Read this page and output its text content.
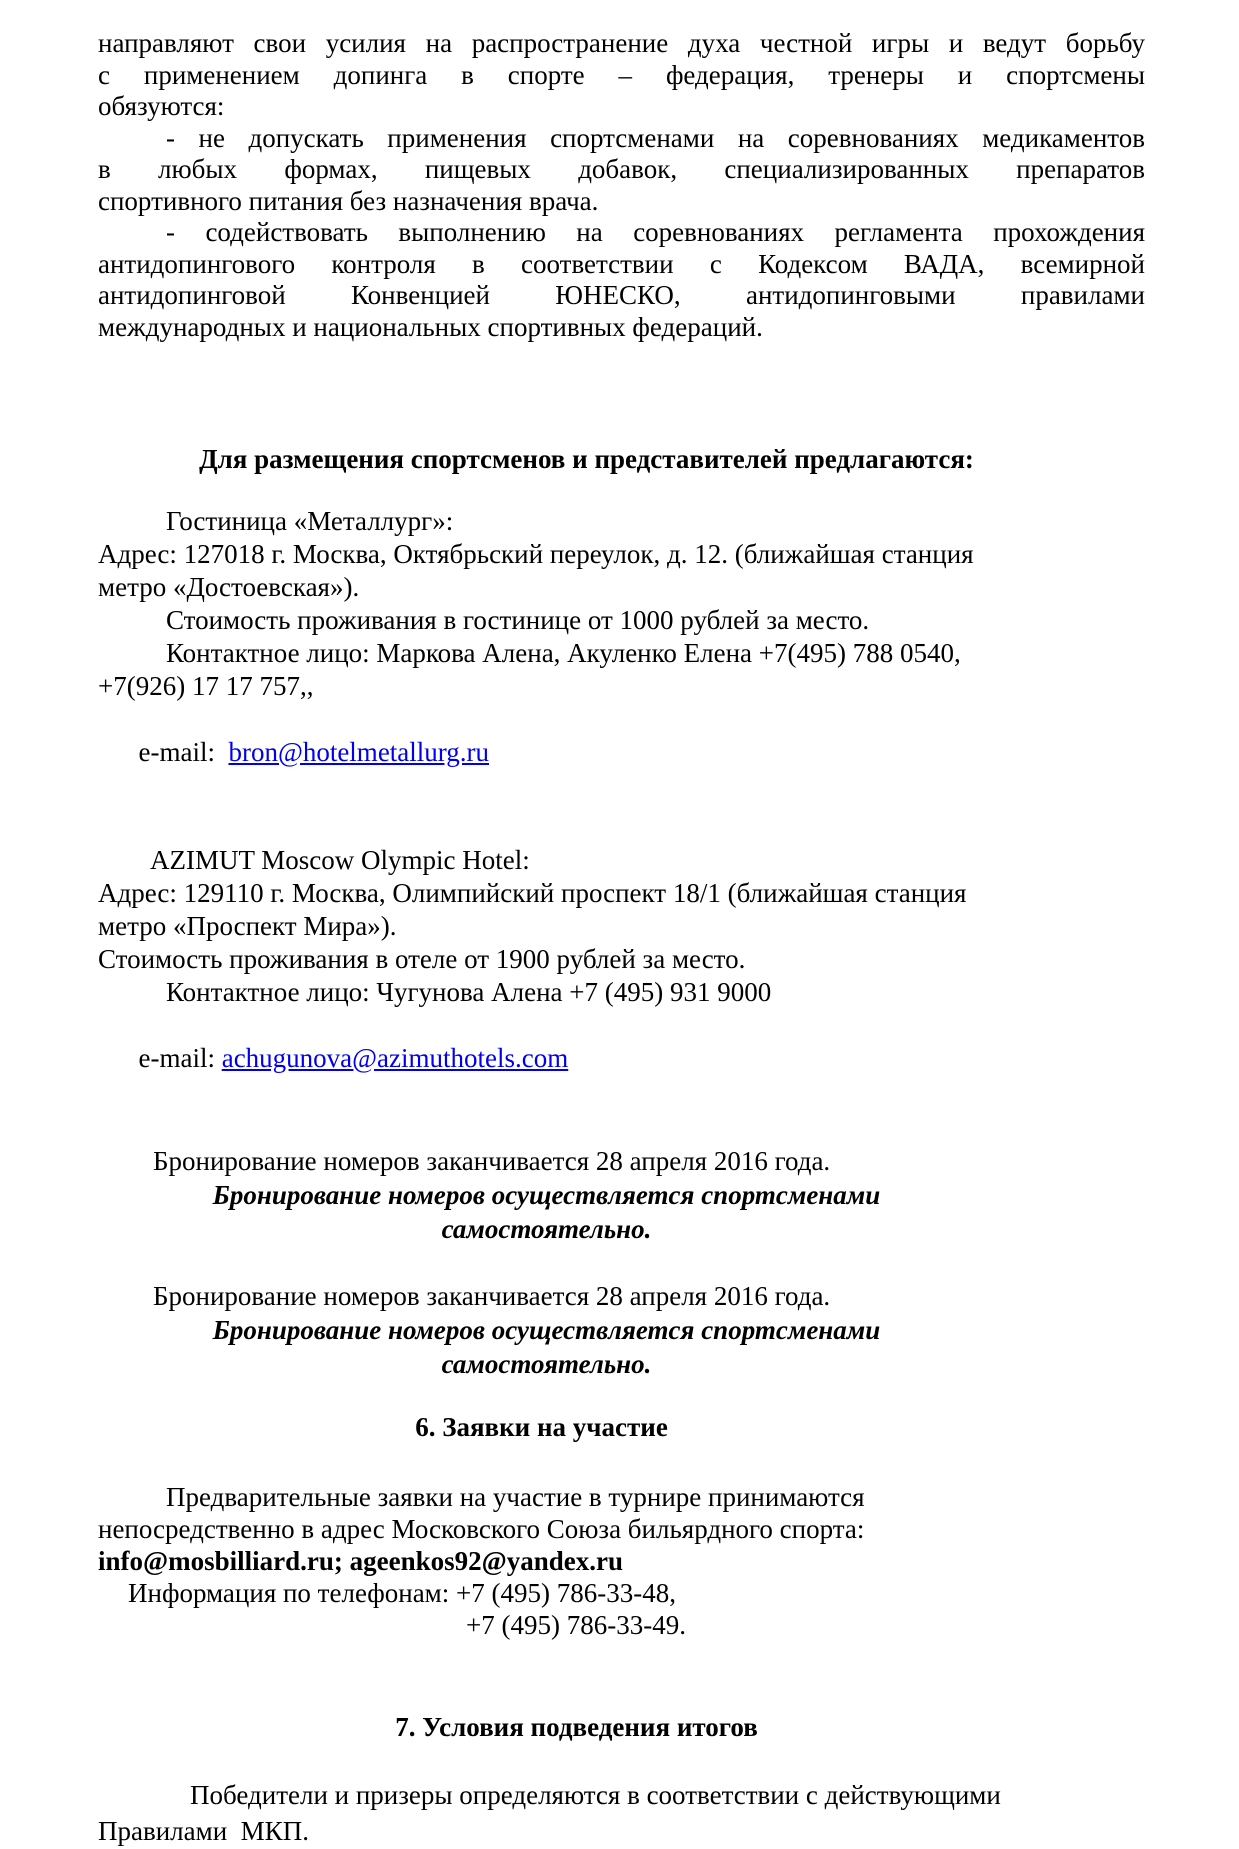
направляют свои усилия на распространение духа честной игры и ведут борьбу
с применением допинга в спорте – федерация, тренеры и спортсмены
обязуются:
- не допускать применения спортсменами на соревнованиях медикаментов
в любых формах, пищевых добавок, специализированных препаратов
спортивного питания без назначения врача.
- содействовать выполнению на соревнованиях регламента прохождения
антидопингового контроля в соответствии с Кодексом ВАДА, всемирной
антидопинговой Конвенцией ЮНЕСКО, антидопинговыми правилами
международных и национальных спортивных федераций.
Для размещения спортсменов и представителей предлагаются:
Гостиница «Металлург»:
Адрес: 127018 г. Москва, Октябрьский переулок, д. 12. (ближайшая станция
метро «Достоевская»).
Стоимость проживания в гостинице от 1000 рублей за место.
Контактное лицо: Маркова Алена, Акуленко Елена +7(495) 788 0540,
+7(926) 17 17 757,,

e-mail:  bron@hotelmetallurg.ru

AZIMUT Moscow Olympic Hotel:
Адрес: 129110 г. Москва, Олимпийский проспект 18/1 (ближайшая станция
метро «Проспект Мира»).
Стоимость проживания в отеле от 1900 рублей за место.
Контактное лицо: Чугунова Алена +7 (495) 931 9000

e-mail: achugunova@azimuthotels.com

Бронирование номеров заканчивается 28 апреля 2016 года.
Бронирование номеров осуществляется спортсменами
самостоятельно.
Бронирование номеров заканчивается 28 апреля 2016 года.
Бронирование номеров осуществляется спортсменами
самостоятельно.
6. Заявки на участие
Предварительные заявки на участие в турнире принимаются
непосредственно в адрес Московского Союза бильярдного спорта:
info@mosbilliard.ru; ageenkos92@yandex.ru
Информация по телефонам: +7 (495) 786-33-48,
+7 (495) 786-33-49.
7. Условия подведения итогов
Победители и призеры определяются в соответствии с действующими
Правилами  МКП.
